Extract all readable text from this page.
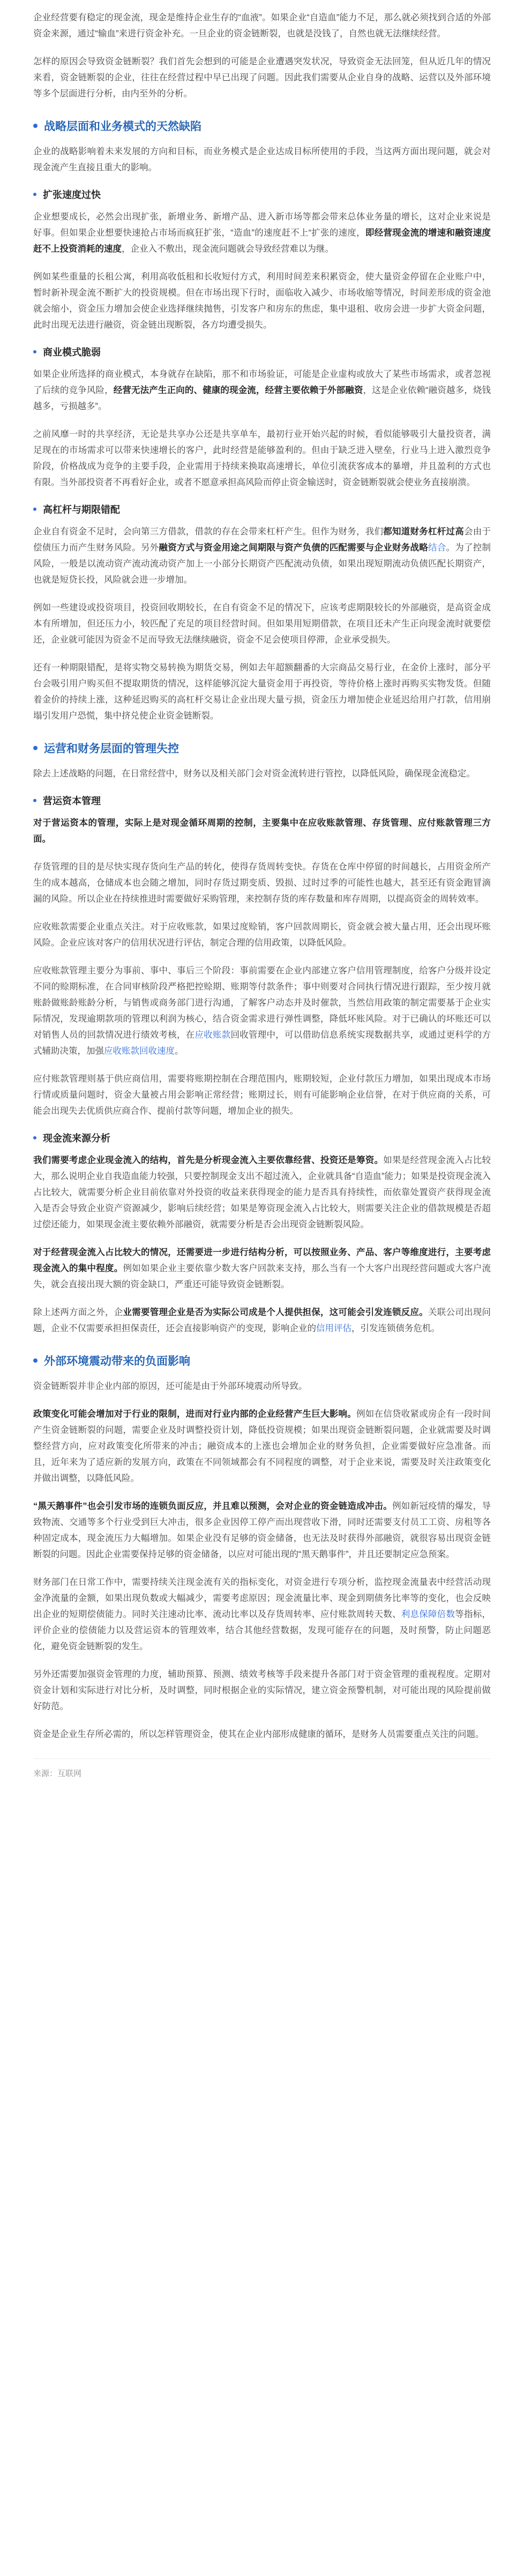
企业经营要有稳定的现金流，现金是维持企业生存的“血液”。如果企业“自造血”能力不足，那么就必须找到合适的外部资金来源，通过“输血”来进行资金补充。一旦企业的资金链断裂，也就是没钱了，自然也就无法继续经营。

怎样的原因会导致资金链断裂？我们首先会想到的可能是企业遭遇突发状况，导致资金无法回笼，但从近几年的情况来看，资金链断裂的企业，往往在经营过程中早已出现了问题。因此我们需要从企业自身的战略、运营以及外部环境等多个层面进行分析，由内至外的分析。

战略层面和业务模式的天然缺陷

企业的战略影响着未来发展的方向和目标，而业务模式是企业达成目标所使用的手段，当这两方面出现问题，就会对现金流产生直接且重大的影响。

扩张速度过快

企业想要成长，必然会出现扩张，新增业务、新增产品、进入新市场等都会带来总体业务量的增长，这对企业来说是好事。但如果企业想要快速抢占市场而疯狂扩张，“造血”的速度赶不上“扩张的速度，即经营现金流的增速和融资速度赶不上投资消耗的速度，企业入不敷出，现金流问题就会导致经营难以为继。

例如某些重量的长租公寓，利用高收低租和长收短付方式，利用时间差来积累资金，使大量资金停留在企业账户中，暂时新补现金流不断扩大的投资规模。但在市场出现下行时，面临收入减少、市场收缩等情况，时间差形成的资金池就会缩小，资金压力增加会使企业选择继续抛售，引发客户和房东的焦虑，集中退租、收房会进一步扩大资金问题，此时出现无法进行融资，资金链出现断裂，各方均遭受损失。

商业模式脆弱

如果企业所选择的商业模式，本身就存在缺陷，那不和市场验证，可能是企业虚构或放大了某些市场需求，或者忽视了后续的竞争风险，经营无法产生正向的、健康的现金流，经营主要依赖于外部融资，这是企业依赖“融资越多，烧钱越多，亏损越多”。

之前风靡一时的共享经济，无论是共享办公还是共享单车，最初行业开始兴起的时候，看似能够吸引大量投资者，满足现在的市场需求可以带来快速增长的客户，此时经营是能够盈利的。但由于缺乏进入壁垒，行业马上进入激烈竞争阶段，价格战成为竞争的主要手段，企业需用于持续来换取高速增长，单位引流获客成本的暴增，并且盈利的方式也有限。当外部投资者不再看好企业，或者不愿意承担高风险而停止资金输送时，资金链断裂就会使业务直接崩溃。

高杠杆与期限错配

企业自有资金不足时，会向第三方借款，借款的存在会带来杠杆产生。但作为财务，我们都知道财务杠杆过高会由于偿债压力而产生财务风险。另外融资方式与资金用途之间期限与资产负债的匹配需要与企业财务战略结合。为了控制风险，一般是以流动资产流动流动资产加上一小部分长期资产匹配流动负债，如果出现短期流动负债匹配长期资产，也就是短贷长投，风险就会进一步增加。

例如一些建设或投资项目，投资回收期较长，在自有资金不足的情况下，应该考虑期限较长的外部融资，是高资金成本有所增加，但还压力小，较匹配了充足的项目经营时间。但如果用短期借款，在项目还未产生正向现金流时就要偿还，企业就可能因为资金不足而导致无法继续融资，资金不足会使项目停滞，企业承受损失。

还有一种期限错配，是将实物交易转换为期货交易，例如去年超额翻番的大宗商品交易行业，在金价上涨时，部分平台会吸引用户购买但不提取期货的情况，这样能够沉淀大量资金用于再投资，等待价格上涨时再购买实物发货。但随着金价的持续上涨，这种延迟购买的高杠杆交易让企业出现大量亏损，资金压力增加使企业延迟给用户打款，信用崩塌引发用户恐慌，集中挤兑使企业资金链断裂。

运营和财务层面的管理失控

除去上述战略的问题，在日常经营中，财务以及相关部门会对资金流转进行管控，以降低风险，确保现金流稳定。

营运资本管理

对于营运资本的管理，实际上是对现金循环周期的控制，主要集中在应收账款管理、存货管理、应付账款管理三方面。

存货管理的目的是尽快实现存货向生产品的转化，使得存货周转变快。存货在仓库中停留的时间越长，占用资金所产生的成本越高，仓储成本也会随之增加，同时存货过期变质、毁损、过时过季的可能性也越大，甚至还有资金跑冒滴漏的风险。所以企业在持续推进时需要做好采购管理，来控制存货的库存数量和库存周期，以提高资金的周转效率。

应收账款需要企业重点关注。对于应收账款，如果过度赊销，客户回款周期长，资金就会被大量占用，还会出现坏账风险。企业应该对客户的信用状况进行评估，制定合理的信用政策，以降低风险。

应收账款管理主要分为事前、事中、事后三个阶段：事前需要在企业内部建立客户信用管理制度，给客户分级并设定不同的赊期标准，在合同审核阶段严格把控赊期、账期等付款条件；事中则要对合同执行情况进行跟踪，至少按月就账龄做账龄账龄分析，与销售或商务部门进行沟通，了解客户动态并及时催款，当然信用政策的制定需要基于企业实际情况，发现逾期款项的管理以利润为核心，结合资金需求进行弹性调整，降低坏账风险。对于已确认的坏账还可以对销售人员的回款情况进行绩效考核，在应收账款回收管理中，可以借助信息系统实现数据共享，或通过更科学的方式辅助决策，加强应收账款回收速度。

应付账款管理则基于供应商信用，需要将账期控制在合理范围内，账期较短，企业付款压力增加，如果出现成本市场行情或质量问题时，资金大量被占用会影响正常经营；账期过长，则有可能影响企业信誉，在对于供应商的关系，可能会出现失去优质供应商合作、提前付款等问题，增加企业的损失。

现金流来源分析

我们需要考虑企业现金流入的结构，首先是分析现金流入主要依靠经营、投资还是筹资。如果是经营现金流入占比较大，那么说明企业自我造血能力较强，只要控制现金支出不超过流入，企业就具备“自造血”能力；如果是投资现金流入占比较大，就需要分析企业目前依靠对外投资的收益来获得现金的能力是否具有持续性，而依靠处置资产获得现金流入是否会导致企业资产资源减少，影响后续经营；如果是筹资现金流入占比较大，则需要关注企业的借款规模是否超过偿还能力，如果现金流主要依赖外部融资，就需要分析是否会出现资金链断裂风险。

对于经营现金流入占比较大的情况，还需要进一步进行结构分析，可以按照业务、产品、客户等维度进行，主要考虑现金流入的集中程度。例如如果企业主要依靠少数大客户回款来支持，那么当有一个大客户出现经营问题或大客户流失，就会直接出现大额的资金缺口，严重还可能导致资金链断裂。

除上述两方面之外，企业需要管理企业是否为实际公司成是个人提供担保，这可能会引发连锁反应。关联公司出现问题，企业不仅需要承担担保责任，还会直接影响资产的变现，影响企业的信用评估，引发连锁债务危机。

外部环境震动带来的负面影响

资金链断裂并非企业内部的原因，还可能是由于外部环境震动所导致。

政策变化可能会增加对于行业的限制，进而对行业内部的企业经营产生巨大影响。例如在信贷收紧或房企有一段时间产生资金链断裂的问题，需要企业及时调整投资计划，降低投资规模；如果出现资金链断裂问题，企业就需要及时调整经营方向，应对政策变化所带来的冲击；融资成本的上涨也会增加企业的财务负担，企业需要做好应急准备。而且，近年来为了适应新的发展方向，政策在不同领域都会有不同程度的调整，对于企业来说，需要及时关注政策变化并做出调整，以降低风险。

“黑天鹅事件”也会引发市场的连锁负面反应，并且难以预测，会对企业的资金链造成冲击。例如新冠疫情的爆发，导致物流、交通等多个行业受到巨大冲击，很多企业因停工停产而出现营收下滑，同时还需要支付员工工资、房租等各种固定成本，现金流压力大幅增加。如果企业没有足够的资金储备，也无法及时获得外部融资，就很容易出现资金链断裂的问题。因此企业需要保持足够的资金储备，以应对可能出现的“黑天鹅事件”，并且还要制定应急预案。

财务部门在日常工作中，需要持续关注现金流有关的指标变化，对资金进行专项分析，监控现金流量表中经营活动现金净流量的金额，如果出现负数或大幅减少，需要考虑原因；现金流量比率、现金到期债务比率等的变化，也会反映出企业的短期偿债能力。同时关注速动比率、流动比率以及存货周转率、应付账款周转天数、利息保障倍数等指标，评价企业的偿债能力以及营运资本的管理效率，结合其他经营数据，发现可能存在的问题，及时预警，防止问题恶化，避免资金链断裂的发生。

另外还需要加强资金管理的力度，辅助预算、预测、绩效考核等手段来提升各部门对于资金管理的重视程度。定期对资金计划和实际进行对比分析，及时调整，同时根据企业的实际情况，建立资金预警机制，对可能出现的风险提前做好防范。

资金是企业生存所必需的，所以怎样管理资金，使其在企业内部形成健康的循环，是财务人员需要重点关注的问题。

来源：互联网
